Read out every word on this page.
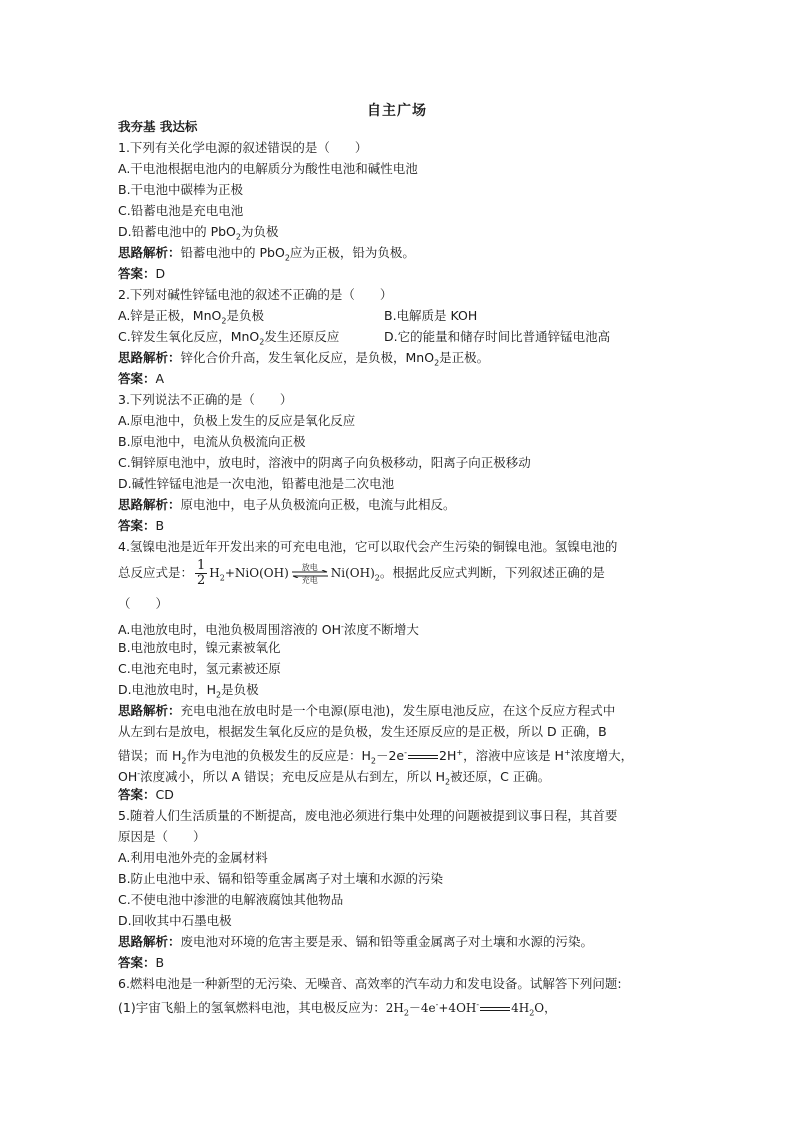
自主广场
我夯基 我达标
1.下列有关化学电源的叙述错误的是（　　）
A.干电池根据电池内的电解质分为酸性电池和碱性电池
B.干电池中碳棒为正极
C.铅蓄电池是充电电池
D.铅蓄电池中的 PbO$_2$为负极
思路解析：铅蓄电池中的 PbO$_2$应为正极，铅为负极。
答案：D
2.下列对碱性锌锰电池的叙述不正确的是（　　）
A.锌是正极，MnO$_2$是负极	B.电解质是 KOH
C.锌发生氧化反应，MnO$_2$发生还原反应	D.它的能量和储存时间比普通锌锰电池高
思路解析：锌化合价升高，发生氧化反应，是负极，MnO$_2$是正极。
答案：A
3.下列说法不正确的是（　　）
A.原电池中，负极上发生的反应是氧化反应
B.原电池中，电流从负极流向正极
C.铜锌原电池中，放电时，溶液中的阴离子向负极移动，阳离子向正极移动
D.碱性锌锰电池是一次电池，铅蓄电池是二次电池
思路解析：原电池中，电子从负极流向正极，电流与此相反。
答案：B
4.氢镍电池是近年开发出来的可充电电池，它可以取代会产生污染的铜镍电池。氢镍电池的
总反应式是： $\frac{1}{2} H_2+NiO(OH)$	放电
充电	$Ni(OH)_2$。根据此反应式判断，下列叙述正确的是
（　　）
A.电池放电时，电池负极周围溶液的 OH-浓度不断增大
B.电池放电时，镍元素被氧化
C.电池充电时，氢元素被还原
D.电池放电时，$H_2$是负极
思路解析：充电电池在放电时是一个电源(原电池)，发生原电池反应，在这个反应方程式中
从左到右是放电，根据发生氧化反应的是负极，发生还原反应的是正极，所以 D 正确，B
错误；而 $H_2$作为电池的负极发生的反应是：$H_2-2e^-$	2H+，溶液中应该是 H+浓度增大，
OH-浓度减小，所以 A 错误；充电反应是从右到左，所以 $H_2$被还原，C 正确。
答案：CD
5.随着人们生活质量的不断提高，废电池必须进行集中处理的问题被提到议事日程，其首要
原因是（　　）
A.利用电池外壳的金属材料
B.防止电池中汞、镉和铅等重金属离子对土壤和水源的污染
C.不使电池中渗泄的电解液腐蚀其他物品
D.回收其中石墨电极
思路解析：废电池对环境的危害主要是汞、镉和铅等重金属离子对土壤和水源的污染。
答案：B
6.燃料电池是一种新型的无污染、无噪音、高效率的汽车动力和发电设备。试解答下列问题:
(1)宇宙飞船上的氢氧燃料电池，其电极反应为：$2H_2-4e^-+4OH^-$	$4H_2O$，
